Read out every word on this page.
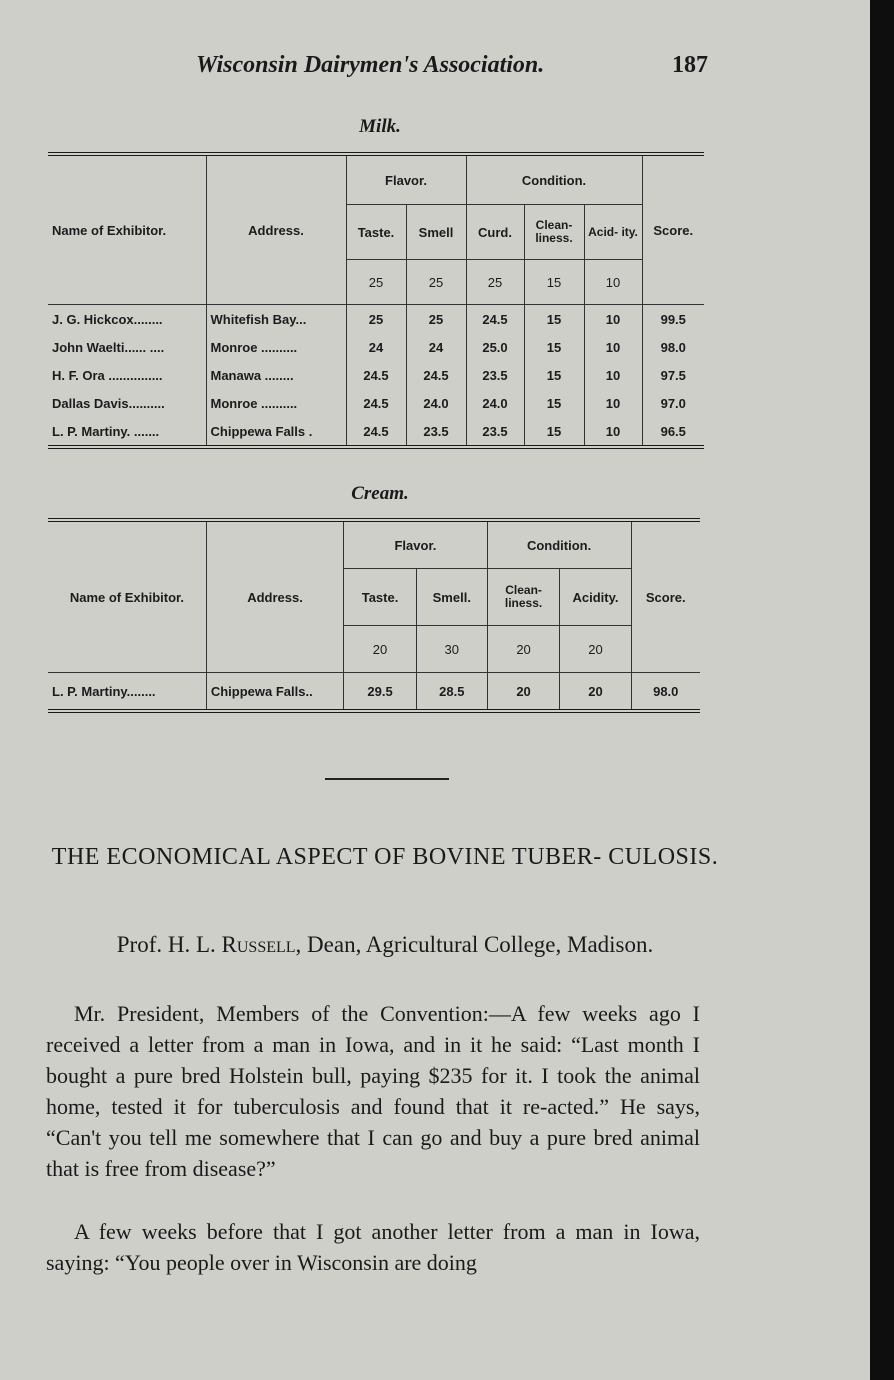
Wisconsin Dairymen's Association.	187
Milk.
Name of Exhibitor.	Address.	Flavor.		Condition.			Score.
		Taste.	Smell	Curd.	Clean- liness.	Acid- ity.	
		25	25	25	15	10	

J. G. Hickcox........	Whitefish Bay...	25	25	24.5	15	10	99.5
John Waelti...... ....	Monroe ..........	24	24	25.0	15	10	98.0
H. F. Ora ...............	Manawa ........	24.5	24.5	23.5	15	10	97.5
Dallas Davis..........	Monroe ..........	24.5	24.0	24.0	15	10	97.0
L. P. Martiny. .......	Chippewa Falls .	24.5	23.5	23.5	15	10	96.5

Cream.
Name of Exhibitor.	Address.	Flavor.		Condition.		Score.
		Taste.	Smell.	Clean- liness.	Acidity.	
		20	30	20	20	

L. P. Martiny........	Chippewa Falls..	29.5	28.5	20	20	98.0

THE ECONOMICAL ASPECT OF BOVINE TUBER- CULOSIS.
Prof. H. L. Russell, Dean, Agricultural College, Madison.
Mr. President, Members of the Convention:—A few weeks ago I received a letter from a man in Iowa, and in it he said: “Last month I bought a pure bred Holstein bull, paying $235 for it. I took the animal home, tested it for tuberculosis and found that it re-acted.” He says, “Can't you tell me somewhere that I can go and buy a pure bred animal that is free from disease?”
A few weeks before that I got another letter from a man in Iowa, saying: “You people over in Wisconsin are doing
